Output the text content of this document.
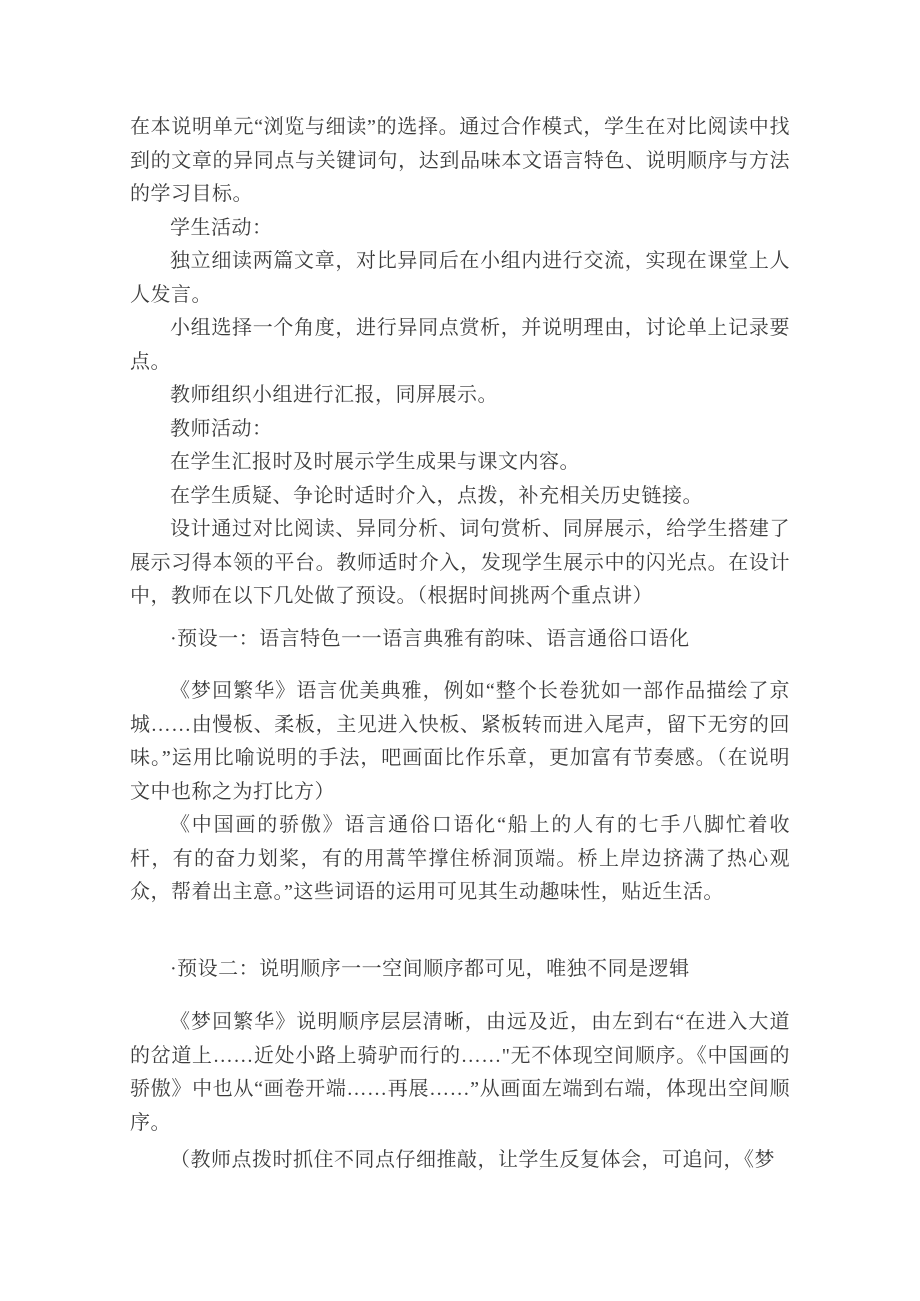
在本说明单元“浏览与细读”的选择。通过合作模式，学生在对比阅读中找到的文章的异同点与关键词句，达到品味本文语言特色、说明顺序与方法的学习目标。

学生活动：

独立细读两篇文章，对比异同后在小组内进行交流，实现在课堂上人人发言。

小组选择一个角度，进行异同点赏析，并说明理由，讨论单上记录要点。

教师组织小组进行汇报，同屏展示。

教师活动：

在学生汇报时及时展示学生成果与课文内容。

在学生质疑、争论时适时介入，点拨，补充相关历史链接。

设计通过对比阅读、异同分析、词句赏析、同屏展示，给学生搭建了展示习得本领的平台。教师适时介入，发现学生展示中的闪光点。在设计中，教师在以下几处做了预设。（根据时间挑两个重点讲）

·预设一：语言特色一一语言典雅有韵味、语言通俗口语化

《梦回繁华》语言优美典雅，例如“整个长卷犹如一部作品描绘了京城……由慢板、柔板，主见进入快板、紧板转而进入尾声，留下无穷的回味。”运用比喻说明的手法，吧画面比作乐章，更加富有节奏感。（在说明文中也称之为打比方）

《中国画的骄傲》语言通俗口语化“船上的人有的七手八脚忙着收杆，有的奋力划桨，有的用蒿竿撑住桥洞顶端。桥上岸边挤满了热心观众，帮着出主意。”这些词语的运用可见其生动趣味性，贴近生活。

·预设二：说明顺序一一空间顺序都可见，唯独不同是逻辑

《梦回繁华》说明顺序层层清晰，由远及近，由左到右“在进入大道的岔道上……近处小路上骑驴而行的……"无不体现空间顺序。《中国画的骄傲》中也从“画卷开端……再展……”从画面左端到右端，体现出空间顺序。

（教师点拨时抓住不同点仔细推敲，让学生反复体会，可追问，《梦
